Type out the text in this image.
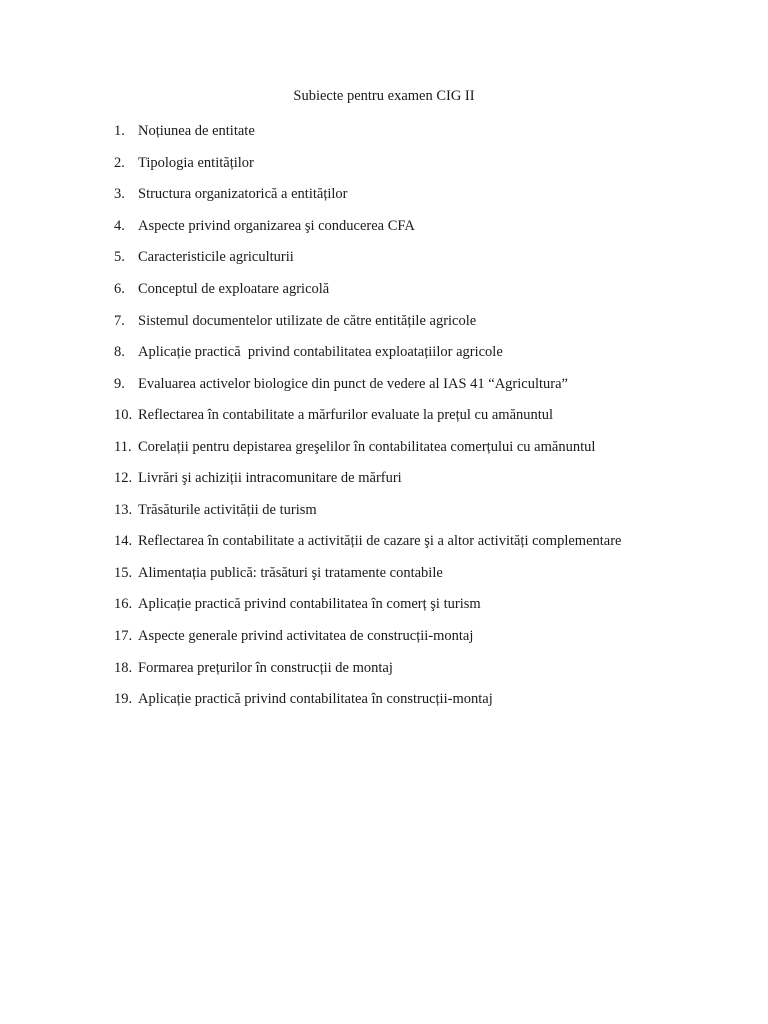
Subiecte pentru examen CIG II
1. Noțiunea de entitate
2. Tipologia entităților
3. Structura organizatorică a entităților
4. Aspecte privind organizarea şi conducerea CFA
5. Caracteristicile agriculturii
6. Conceptul de exploatare agricolă
7. Sistemul documentelor utilizate de către entitățile agricole
8. Aplicație practică  privind contabilitatea exploatațiilor agricole
9. Evaluarea activelor biologice din punct de vedere al IAS 41 “Agricultura”
10. Reflectarea în contabilitate a mărfurilor evaluate la prețul cu amănuntul
11. Corelații pentru depistarea greşelilor în contabilitatea comerțului cu amănuntul
12. Livrări şi achiziții intracomunitare de mărfuri
13. Trăsăturile activității de turism
14. Reflectarea în contabilitate a activității de cazare şi a altor activități complementare
15. Alimentația publică: trăsături şi tratamente contabile
16. Aplicație practică privind contabilitatea în comerț şi turism
17. Aspecte generale privind activitatea de construcții-montaj
18. Formarea prețurilor în construcții de montaj
19. Aplicație practică privind contabilitatea în construcții-montaj
